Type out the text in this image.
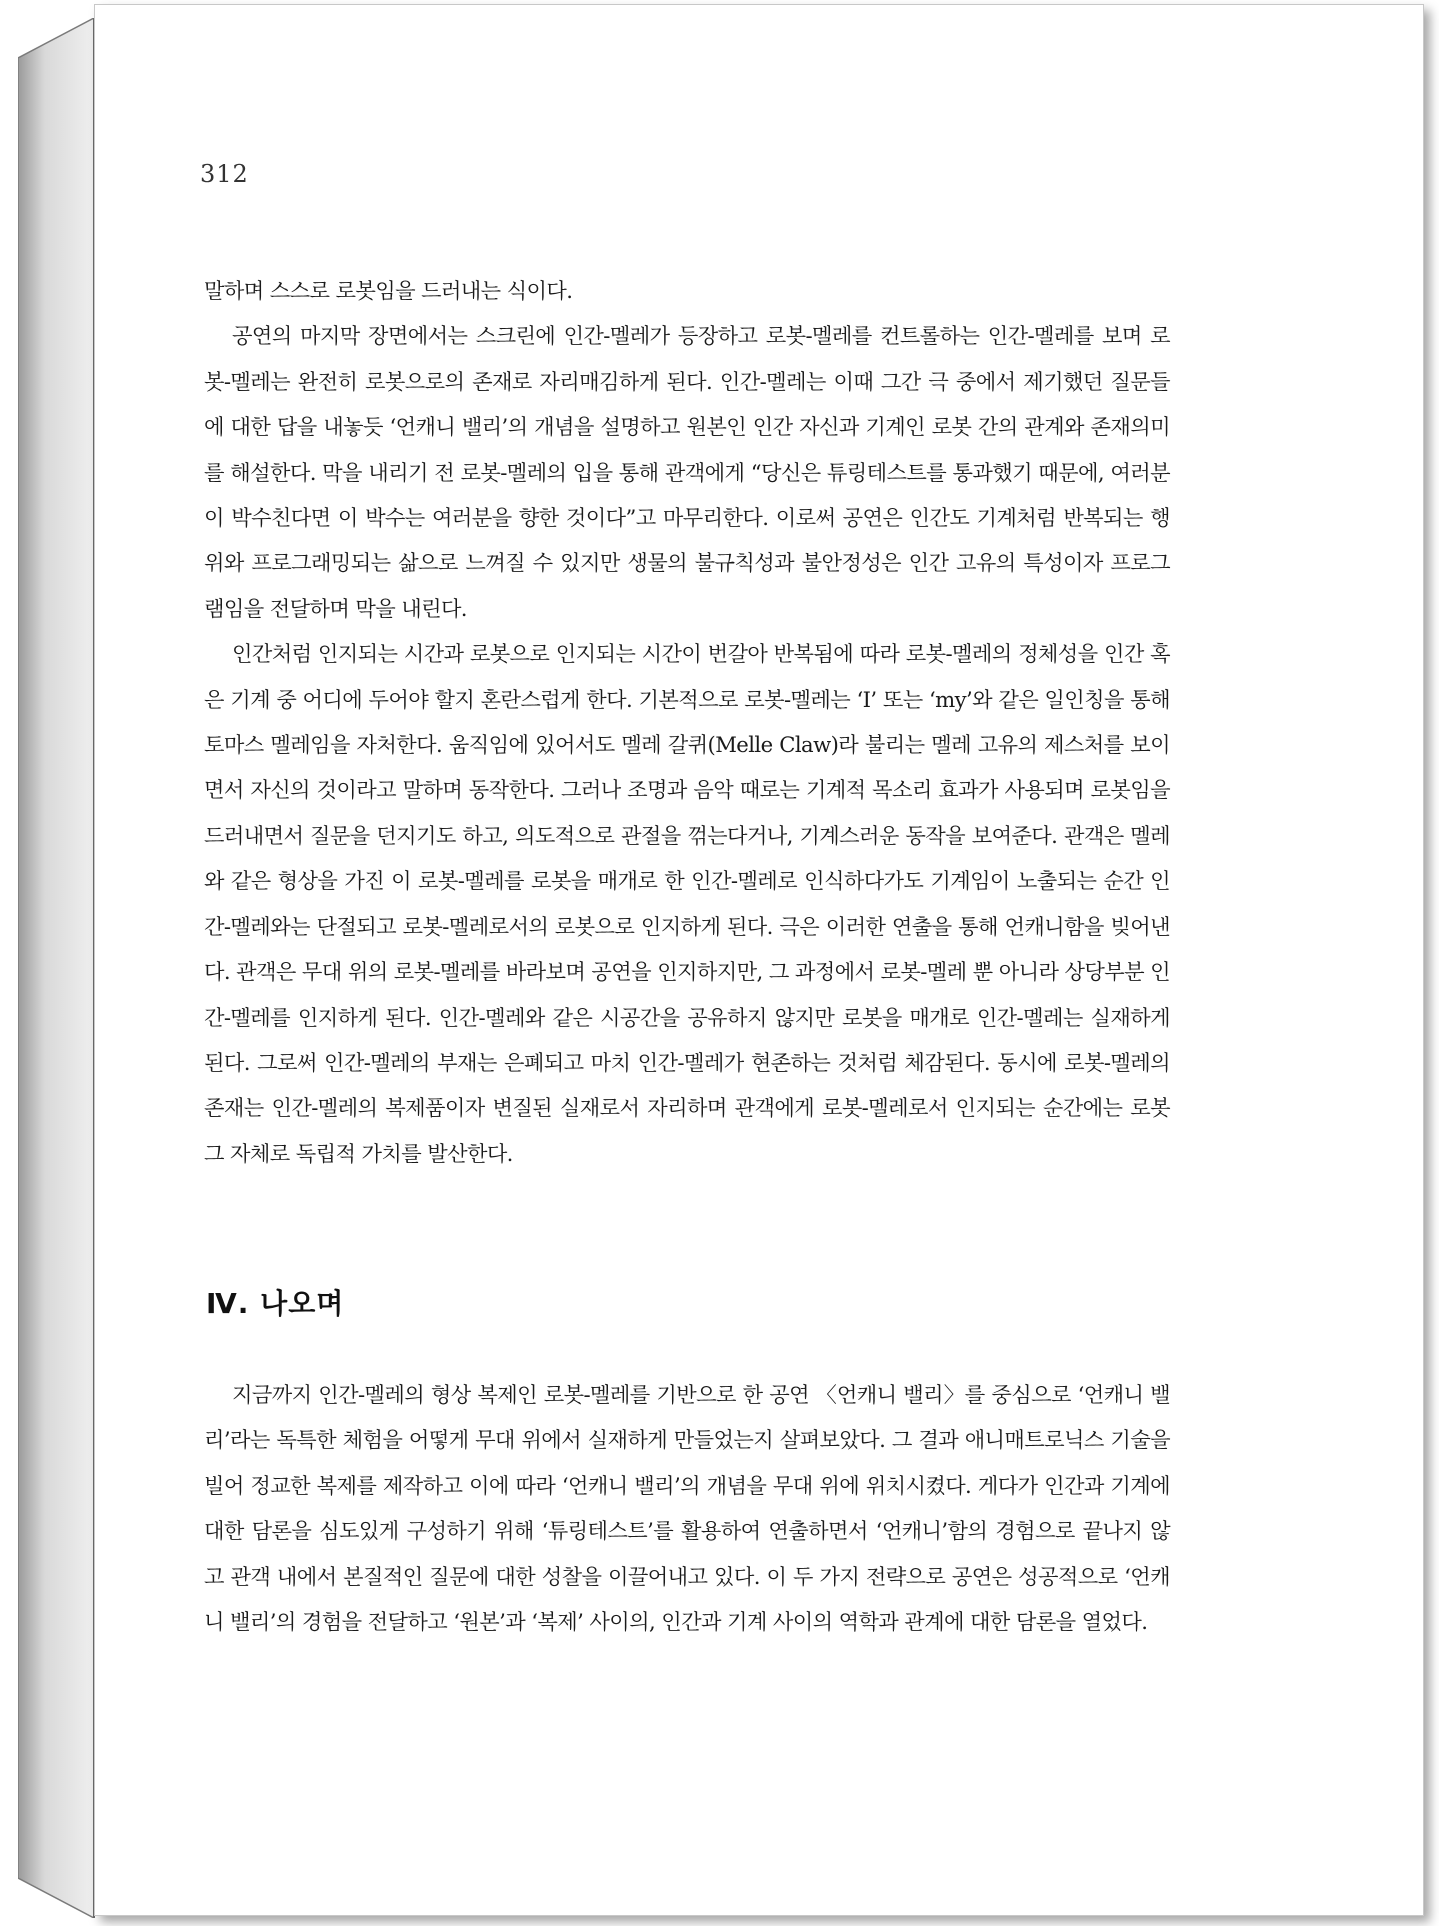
312

말하며 스스로 로봇임을 드러내는 식이다.

공연의 마지막 장면에서는 스크린에 인간-멜레가 등장하고 로봇-멜레를 컨트롤하는 인간-멜레를 보며 로봇-멜레는 완전히 로봇으로의 존재로 자리매김하게 된다. 인간-멜레는 이때 그간 극 중에서 제기했던 질문들에 대한 답을 내놓듯 ‘언캐니 밸리’의 개념을 설명하고 원본인 인간 자신과 기계인 로봇 간의 관계와 존재의미를 해설한다. 막을 내리기 전 로봇-멜레의 입을 통해 관객에게 “당신은 튜링테스트를 통과했기 때문에, 여러분이 박수친다면 이 박수는 여러분을 향한 것이다”고 마무리한다. 이로써 공연은 인간도 기계처럼 반복되는 행위와 프로그래밍되는 삶으로 느껴질 수 있지만 생물의 불규칙성과 불안정성은 인간 고유의 특성이자 프로그램임을 전달하며 막을 내린다.

인간처럼 인지되는 시간과 로봇으로 인지되는 시간이 번갈아 반복됨에 따라 로봇-멜레의 정체성을 인간 혹은 기계 중 어디에 두어야 할지 혼란스럽게 한다. 기본적으로 로봇-멜레는 ‘I’ 또는 ‘my’와 같은 일인칭을 통해 토마스 멜레임을 자처한다. 움직임에 있어서도 멜레 갈퀴(Melle Claw)라 불리는 멜레 고유의 제스처를 보이면서 자신의 것이라고 말하며 동작한다. 그러나 조명과 음악 때로는 기계적 목소리 효과가 사용되며 로봇임을 드러내면서 질문을 던지기도 하고, 의도적으로 관절을 꺾는다거나, 기계스러운 동작을 보여준다. 관객은 멜레와 같은 형상을 가진 이 로봇-멜레를 로봇을 매개로 한 인간-멜레로 인식하다가도 기계임이 노출되는 순간 인간-멜레와는 단절되고 로봇-멜레로서의 로봇으로 인지하게 된다. 극은 이러한 연출을 통해 언캐니함을 빚어낸다. 관객은 무대 위의 로봇-멜레를 바라보며 공연을 인지하지만, 그 과정에서 로봇-멜레 뿐 아니라 상당부분 인간-멜레를 인지하게 된다. 인간-멜레와 같은 시공간을 공유하지 않지만 로봇을 매개로 인간-멜레는 실재하게 된다. 그로써 인간-멜레의 부재는 은폐되고 마치 인간-멜레가 현존하는 것처럼 체감된다. 동시에 로봇-멜레의 존재는 인간-멜레의 복제품이자 변질된 실재로서 자리하며 관객에게 로봇-멜레로서 인지되는 순간에는 로봇 그 자체로 독립적 가치를 발산한다.

Ⅳ. 나오며

지금까지 인간-멜레의 형상 복제인 로봇-멜레를 기반으로 한 공연 〈언캐니 밸리〉를 중심으로 ‘언캐니 밸리’라는 독특한 체험을 어떻게 무대 위에서 실재하게 만들었는지 살펴보았다. 그 결과 애니매트로닉스 기술을 빌어 정교한 복제를 제작하고 이에 따라 ‘언캐니 밸리’의 개념을 무대 위에 위치시켰다. 게다가 인간과 기계에 대한 담론을 심도있게 구성하기 위해 ‘튜링테스트’를 활용하여 연출하면서 ‘언캐니’함의 경험으로 끝나지 않고 관객 내에서 본질적인 질문에 대한 성찰을 이끌어내고 있다. 이 두 가지 전략으로 공연은 성공적으로 ‘언캐니 밸리’의 경험을 전달하고 ‘원본’과 ‘복제’ 사이의, 인간과 기계 사이의 역학과 관계에 대한 담론을 열었다.
